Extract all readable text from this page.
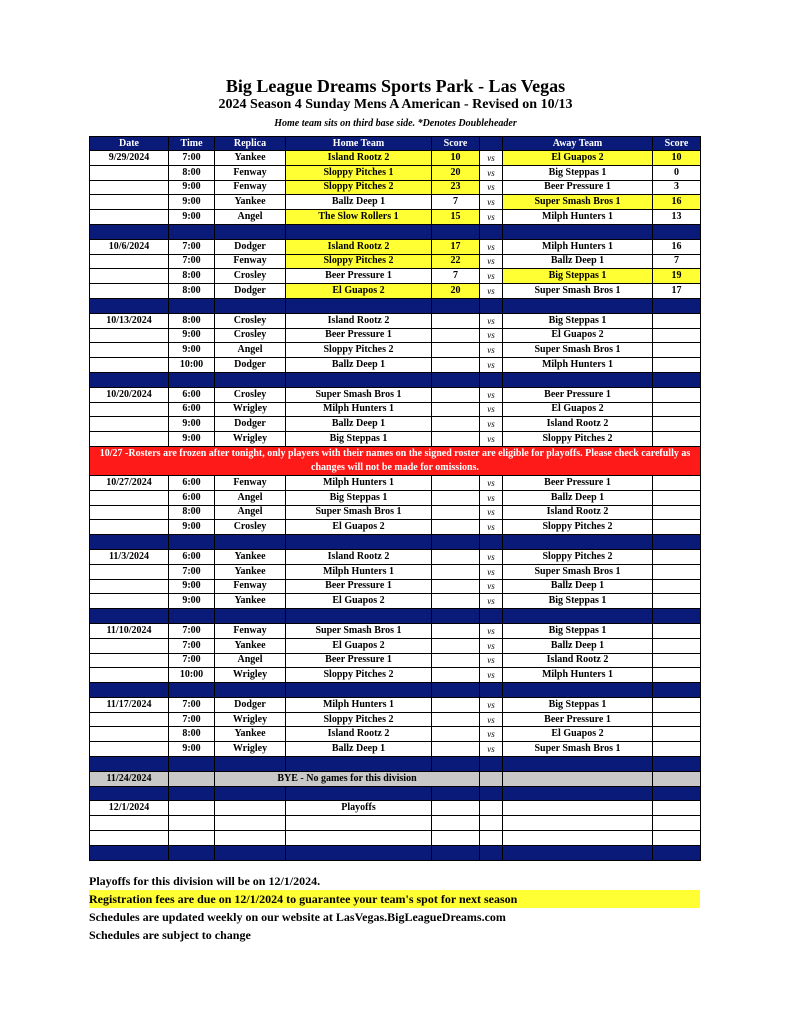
Big League Dreams Sports Park - Las Vegas
2024 Season 4 Sunday Mens A American - Revised on 10/13
Home team sits on third base side. *Denotes Doubleheader
Date	Time	Replica	Home Team	Score		Away Team	Score
9/29/2024	7:00	Yankee	Island Rootz 2	10	vs	El Guapos 2	10
	8:00	Fenway	Sloppy Pitches 1	20	vs	Big Steppas 1	0
	9:00	Fenway	Sloppy Pitches 2	23	vs	Beer Pressure 1	3
	9:00	Yankee	Ballz Deep 1	7	vs	Super Smash Bros 1	16
	9:00	Angel	The Slow Rollers 1	15	vs	Milph Hunters 1	13

10/6/2024	7:00	Dodger	Island Rootz 2	17	vs	Milph Hunters 1	16
	7:00	Fenway	Sloppy Pitches 2	22	vs	Ballz Deep 1	7
	8:00	Crosley	Beer Pressure 1	7	vs	Big Steppas 1	19
	8:00	Dodger	El Guapos 2	20	vs	Super Smash Bros 1	17

10/13/2024	8:00	Crosley	Island Rootz 2		vs	Big Steppas 1	
	9:00	Crosley	Beer Pressure 1		vs	El Guapos 2	
	9:00	Angel	Sloppy Pitches 2		vs	Super Smash Bros 1	
	10:00	Dodger	Ballz Deep 1		vs	Milph Hunters 1	

10/20/2024	6:00	Crosley	Super Smash Bros 1		vs	Beer Pressure 1	
	6:00	Wrigley	Milph Hunters 1		vs	El Guapos 2	
	9:00	Dodger	Ballz Deep 1		vs	Island Rootz 2	
	9:00	Wrigley	Big Steppas 1		vs	Sloppy Pitches 2	
10/27 -Rosters are frozen after tonight, only players with their names on the signed roster are eligible for playoffs. Please check carefully as changes will not be made for omissions.							
10/27/2024	6:00	Fenway	Milph Hunters 1		vs	Beer Pressure 1	
	6:00	Angel	Big Steppas 1		vs	Ballz Deep 1	
	8:00	Angel	Super Smash Bros 1		vs	Island Rootz 2	
	9:00	Crosley	El Guapos 2		vs	Sloppy Pitches 2	

11/3/2024	6:00	Yankee	Island Rootz 2		vs	Sloppy Pitches 2	
	7:00	Yankee	Milph Hunters 1		vs	Super Smash Bros 1	
	9:00	Fenway	Beer Pressure 1		vs	Ballz Deep 1	
	9:00	Yankee	El Guapos 2		vs	Big Steppas 1	

11/10/2024	7:00	Fenway	Super Smash Bros 1		vs	Big Steppas 1	
	7:00	Yankee	El Guapos 2		vs	Ballz Deep 1	
	7:00	Angel	Beer Pressure 1		vs	Island Rootz 2	
	10:00	Wrigley	Sloppy Pitches 2		vs	Milph Hunters 1	

11/17/2024	7:00	Dodger	Milph Hunters 1		vs	Big Steppas 1	
	7:00	Wrigley	Sloppy Pitches 2		vs	Beer Pressure 1	
	8:00	Yankee	Island Rootz 2		vs	El Guapos 2	
	9:00	Wrigley	Ballz Deep 1		vs	Super Smash Bros 1	

11/24/2024		BYE - No games for this division					

12/1/2024			Playoffs				

Playoffs for this division will be on 12/1/2024.
Registration fees are due on 12/1/2024 to guarantee your team's spot for next season
Schedules are updated weekly on our website at LasVegas.BigLeagueDreams.com
Schedules are subject to change
